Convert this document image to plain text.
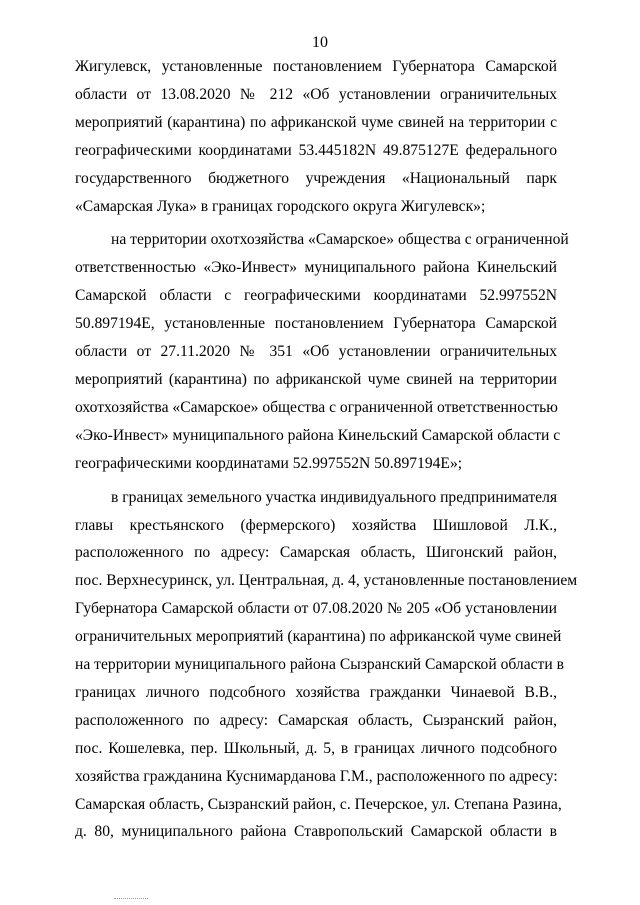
10
Жигулевск, установленные постановлением Губернатора Самарской
области от 13.08.2020 № 212 «Об установлении ограничительных
мероприятий (карантина) по африканской чуме свиней на территории с
географическими координатами 53.445182N 49.875127E федерального
государственного бюджетного учреждения «Национальный парк
«Самарская Лука» в границах городского округа Жигулевск»;
на территории охотхозяйства «Самарское» общества с ограниченной
ответственностью «Эко-Инвест» муниципального района Кинельский
Самарской области с географическими координатами 52.997552N
50.897194E, установленные постановлением Губернатора Самарской
области от 27.11.2020 № 351 «Об установлении ограничительных
мероприятий (карантина) по африканской чуме свиней на территории
охотхозяйства «Самарское» общества с ограниченной ответственностью
«Эко-Инвест» муниципального района Кинельский Самарской области с
географическими координатами 52.997552N 50.897194E»;
в границах земельного участка индивидуального предпринимателя
главы крестьянского (фермерского) хозяйства Шишловой Л.К.,
расположенного по адресу: Самарская область, Шигонский район,
пос. Верхнесуринск, ул. Центральная, д. 4, установленные постановлением
Губернатора Самарской области от 07.08.2020 № 205 «Об установлении
ограничительных мероприятий (карантина) по африканской чуме свиней
на территории муниципального района Сызранский Самарской области в
границах личного подсобного хозяйства гражданки Чинаевой В.В.,
расположенного по адресу: Самарская область, Сызранский район,
пос. Кошелевка, пер. Школьный, д. 5, в границах личного подсобного
хозяйства гражданина Куснимарданова Г.М., расположенного по адресу:
Самарская область, Сызранский район, с. Печерское, ул. Степана Разина,
д. 80, муниципального района Ставропольский Самарской области в
